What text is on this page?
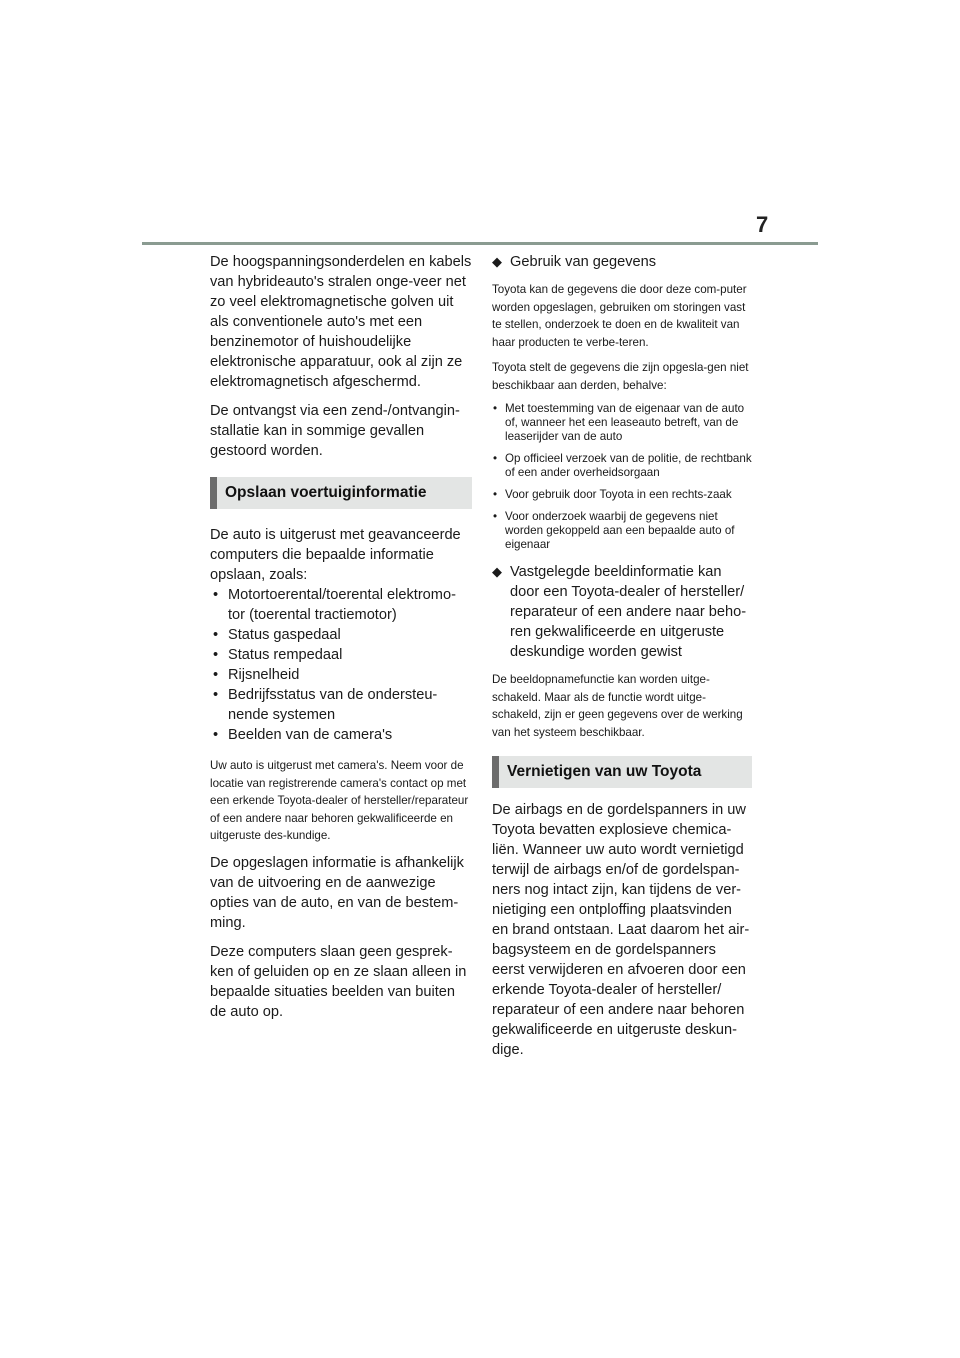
7

De hoogspanningsonderdelen en kabels van hybrideauto's stralen onge-veer net zo veel elektromagnetische golven uit als conventionele auto's met een benzinemotor of huishoudelijke elektronische apparatuur, ook al zijn ze elektromagnetisch afgeschermd.

De ontvangst via een zend-/ontvangin-stallatie kan in sommige gevallen gestoord worden.

Opslaan voertuiginformatie

De auto is uitgerust met geavanceerde computers die bepaalde informatie opslaan, zoals:

• Motortoerental/toerental elektromo-tor (toerental tractiemotor)
• Status gaspedaal
• Status rempedaal
• Rijsnelheid
• Bedrijfsstatus van de ondersteu-nende systemen
• Beelden van de camera's

Uw auto is uitgerust met camera's. Neem voor de locatie van registrerende camera's contact op met een erkende Toyota-dealer of hersteller/reparateur of een andere naar behoren gekwalificeerde en uitgeruste des-kundige.

De opgeslagen informatie is afhankelijk van de uitvoering en de aanwezige opties van de auto, en van de bestem-ming.

Deze computers slaan geen gesprek-ken of geluiden op en ze slaan alleen in bepaalde situaties beelden van buiten de auto op.

◆ Gebruik van gegevens

Toyota kan de gegevens die door deze com-puter worden opgeslagen, gebruiken om storingen vast te stellen, onderzoek te doen en de kwaliteit van haar producten te verbe-teren.

Toyota stelt de gegevens die zijn opgesla-gen niet beschikbaar aan derden, behalve:

• Met toestemming van de eigenaar van de auto of, wanneer het een leaseauto betreft, van de leaserijder van de auto
• Op officieel verzoek van de politie, de rechtbank of een ander overheidsorgaan
• Voor gebruik door Toyota in een rechts-zaak
• Voor onderzoek waarbij de gegevens niet worden gekoppeld aan een bepaalde auto of eigenaar
◆ Vastgelegde beeldinformatie kan door een Toyota-dealer of hersteller/ reparateur of een andere naar beho-ren gekwalificeerde en uitgeruste deskundige worden gewist

De beeldopnamefunctie kan worden uitge-schakeld. Maar als de functie wordt uitge-schakeld, zijn er geen gegevens over de werking van het systeem beschikbaar.

Vernietigen van uw Toyota

De airbags en de gordelspanners in uw Toyota bevatten explosieve chemica-liën. Wanneer uw auto wordt vernietigd terwijl de airbags en/of de gordelspan-ners nog intact zijn, kan tijdens de ver-nietiging een ontploffing plaatsvinden en brand ontstaan. Laat daarom het air-bagsysteem en de gordelspanners eerst verwijderen en afvoeren door een erkende Toyota-dealer of hersteller/ reparateur of een andere naar behoren gekwalificeerde en uitgeruste deskun-dige.
